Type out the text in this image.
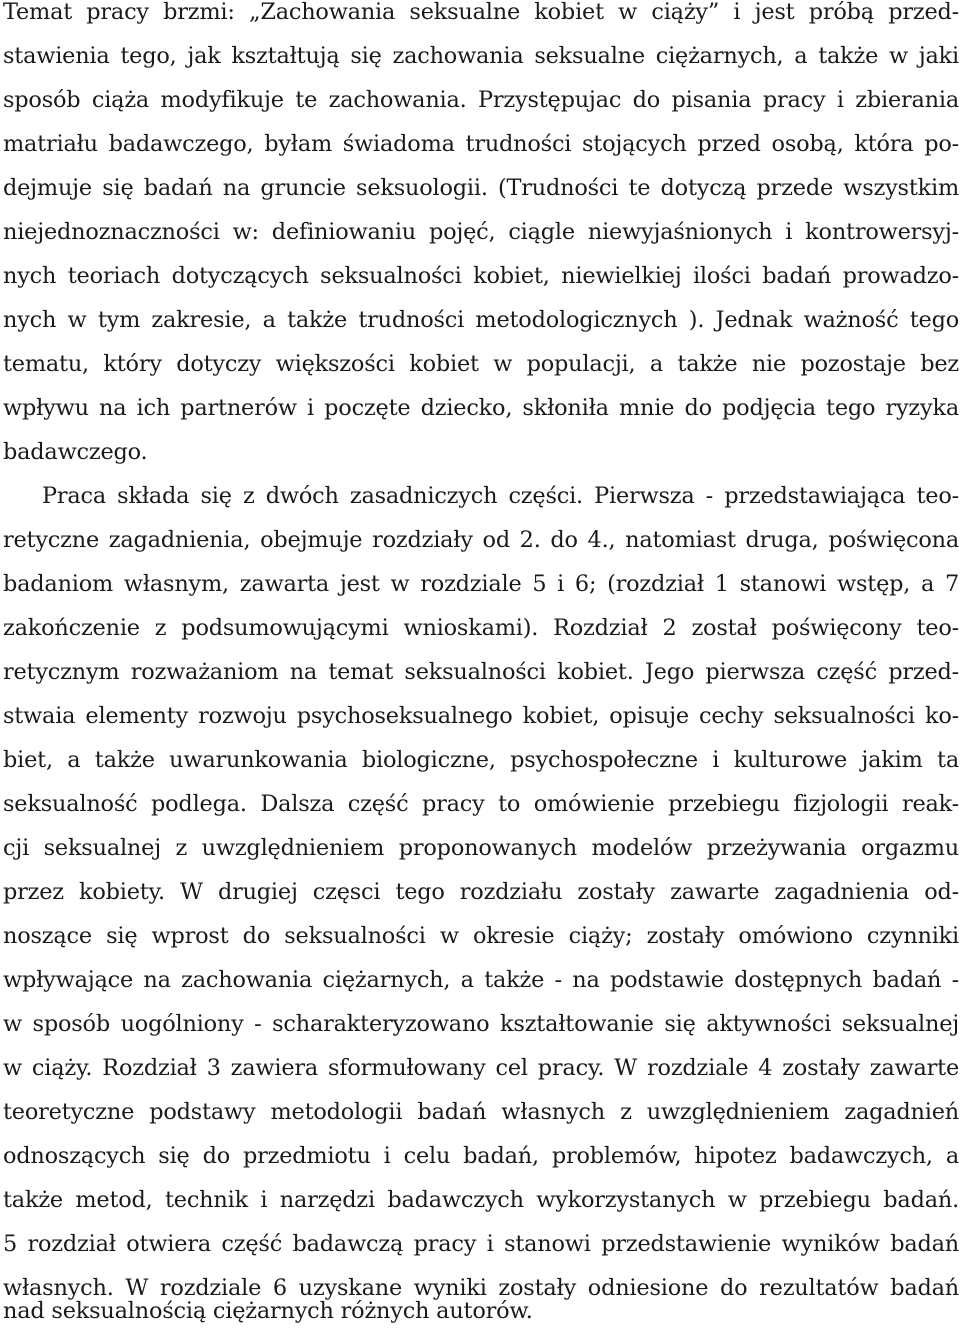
Temat pracy brzmi: „Zachowania seksualne kobiet w ciąży” i jest próbą przed-
stawienia tego, jak kształtują się zachowania seksualne ciężarnych, a także w jaki
sposób ciąża modyfikuje te zachowania. Przystępujac do pisania pracy i zbierania
matriału badawczego, byłam świadoma trudności stojących przed osobą, która po-
dejmuje się badań na gruncie seksuologii. (Trudności te dotyczą przede wszystkim
niejednoznaczności w: definiowaniu pojęć, ciągle niewyjaśnionych i kontrowersyj-
nych teoriach dotyczących seksualności kobiet, niewielkiej ilości badań prowadzo-
nych w tym zakresie, a także trudności metodologicznych ). Jednak ważność tego
tematu, który dotyczy większości kobiet w populacji, a także nie pozostaje bez
wpływu na ich partnerów i poczęte dziecko, skłoniła mnie do podjęcia tego ryzyka
badawczego.
Praca składa się z dwóch zasadniczych części. Pierwsza - przedstawiająca teo-
retyczne zagadnienia, obejmuje rozdziały od 2. do 4., natomiast druga, poświęcona
badaniom własnym, zawarta jest w rozdziale 5 i 6; (rozdział 1 stanowi wstęp, a 7
zakończenie z podsumowującymi wnioskami). Rozdział 2 został poświęcony teo-
retycznym rozważaniom na temat seksualności kobiet. Jego pierwsza część przed-
stwaia elementy rozwoju psychoseksualnego kobiet, opisuje cechy seksualności ko-
biet, a także uwarunkowania biologiczne, psychospołeczne i kulturowe jakim ta
seksualność podlega. Dalsza część pracy to omówienie przebiegu fizjologii reak-
cji seksualnej z uwzględnieniem proponowanych modelów przeżywania orgazmu
przez kobiety. W drugiej częsci tego rozdziału zostały zawarte zagadnienia od-
noszące się wprost do seksualności w okresie ciąży; zostały omówiono czynniki
wpływające na zachowania ciężarnych, a także - na podstawie dostępnych badań -
w sposób uogólniony - scharakteryzowano kształtowanie się aktywności seksualnej
w ciąży. Rozdział 3 zawiera sformułowany cel pracy. W rozdziale 4 zostały zawarte
teoretyczne podstawy metodologii badań własnych z uwzględnieniem zagadnień
odnoszących się do przedmiotu i celu badań, problemów, hipotez badawczych, a
także metod, technik i narzędzi badawczych wykorzystanych w przebiegu badań.
5 rozdział otwiera część badawczą pracy i stanowi przedstawienie wyników badań
własnych. W rozdziale 6 uzyskane wyniki zostały odniesione do rezultatów badań
nad seksualnością ciężarnych różnych autorów.
